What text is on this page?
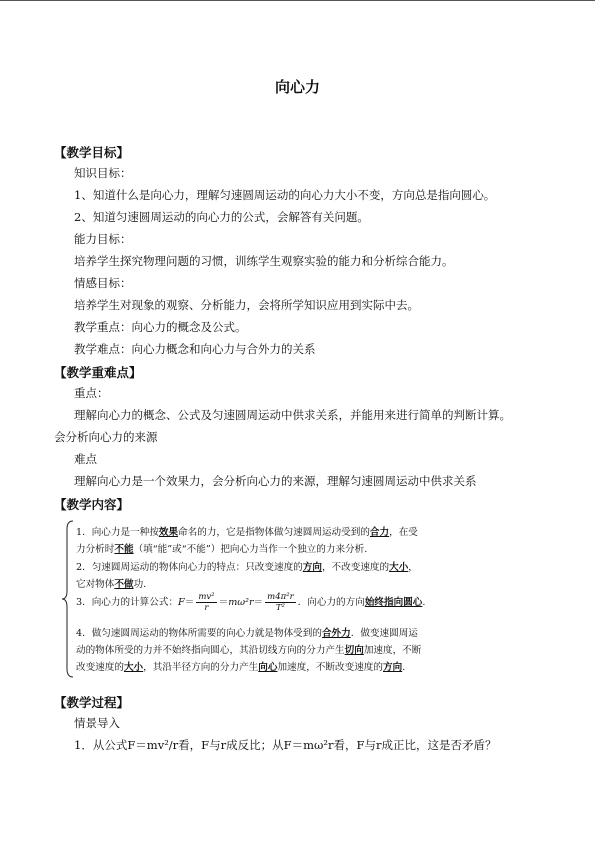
向心力
【教学目标】
知识目标：
1、知道什么是向心力，理解匀速圆周运动的向心力大小不变，方向总是指向圆心。
2、知道匀速圆周运动的向心力的公式，会解答有关问题。
能力目标：
培养学生探究物理问题的习惯，训练学生观察实验的能力和分析综合能力。
情感目标：
培养学生对现象的观察、分析能力，会将所学知识应用到实际中去。
教学重点：向心力的概念及公式。
教学难点：向心力概念和向心力与合外力的关系
【教学重难点】
重点：
理解向心力的概念、公式及匀速圆周运动中供求关系，并能用来进行简单的判断计算。
会分析向心力的来源
难点
理解向心力是一个效果力，会分析向心力的来源，理解匀速圆周运动中供求关系
【教学内容】
1．向心力是一种按效果命名的力，它是指物体做匀速圆周运动受到的合力，在受
力分析时不能（填“能”或“不能”）把向心力当作一个独立的力来分析.
2．匀速圆周运动的物体向心力的特点：只改变速度的方向，不改变速度的大小，
它对物体不做功.
3．向心力的计算公式：$F= \frac{\text{mv²}}{r} =m\omega^2r= \frac{\text{m4π²r}}{\text{T²}}$ ．向心力的方向始终指向圆心.
4．做匀速圆周运动的物体所需要的向心力就是物体受到的合外力．做变速圆周运
动的物体所受的力并不始终指向圆心，其沿切线方向的分力产生切向加速度，不断
改变速度的大小，其沿半径方向的分力产生向心加速度，不断改变速度的方向.
【教学过程】
情景导入
1．从公式F＝mv²/r看，F与r成反比；从F＝mω²r看，F与r成正比，这是否矛盾？
